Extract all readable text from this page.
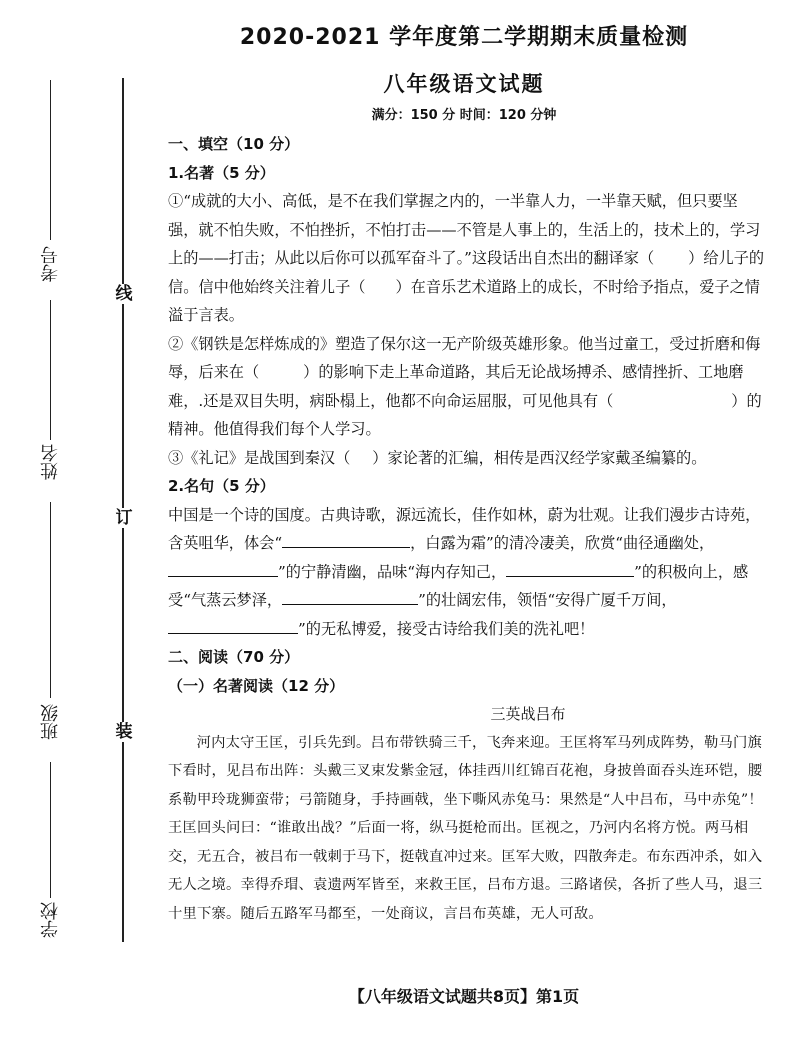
线
订
装
考号
姓名
班级
学校
2020-2021 学年度第二学期期末质量检测
八年级语文试题
满分：150 分 时间：120 分钟

一、填空（10 分）

1.名著（5 分）

①“成就的大小、高低，是不在我们掌握之内的，一半靠人力，一半靠天赋，但只要坚强，就不怕失败，不怕挫折，不怕打击——不管是人事上的，生活上的，技术上的，学习上的——打击；从此以后你可以孤军奋斗了。”这段话出自杰出的翻译家（ ）给儿子的信。信中他始终关注着儿子（ ）在音乐艺术道路上的成长，不时给予指点，爱子之情溢于言表。

②《钢铁是怎样炼成的》塑造了保尔这一无产阶级英雄形象。他当过童工，受过折磨和侮辱，后来在（	）的影响下走上革命道路，其后无论战场搏杀、感情挫折、工地磨难，.还是双目失明，病卧榻上，他都不向命运屈服，可见他具有（	）的精神。他值得我们每个人学习。

③《礼记》是战国到秦汉（ ）家论著的汇编，相传是西汉经学家戴圣编纂的。

2.名句（5 分）

中国是一个诗的国度。古典诗歌，源远流长，佳作如林，蔚为壮观。让我们漫步古诗苑，含英咀华，体会“	，白露为霜”的清冷凄美，欣赏“曲径通幽处，”的宁静清幽，品味“海内存知己，	”的积极向上，感受“气蒸云梦泽，	”的壮阔宏伟，领悟“安得广厦千万间，”的无私博爱，接受古诗给我们美的洗礼吧！

二、阅读（70 分）

（一）名著阅读（12 分）

三英战吕布

河内太守王匡，引兵先到。吕布带铁骑三千，飞奔来迎。王匡将军马列成阵势，勒马门旗下看时，见吕布出阵：头戴三叉束发紫金冠，体挂西川红锦百花袍，身披兽面吞头连环铠，腰系勒甲玲珑狮蛮带；弓箭随身，手持画戟，坐下嘶风赤兔马：果然是“人中吕布，马中赤兔”！王匡回头问曰：“谁敢出战？”后面一将，纵马挺枪而出。匡视之，乃河内名将方悦。两马相交，无五合，被吕布一戟刺于马下，挺戟直冲过来。匡军大败，四散奔走。布东西冲杀，如入无人之境。幸得乔瑁、袁遗两军皆至，来救王匡，吕布方退。三路诸侯，各折了些人马，退三十里下寨。随后五路军马都至，一处商议，言吕布英雄，无人可敌。

【八年级语文试题共8页】第1页
